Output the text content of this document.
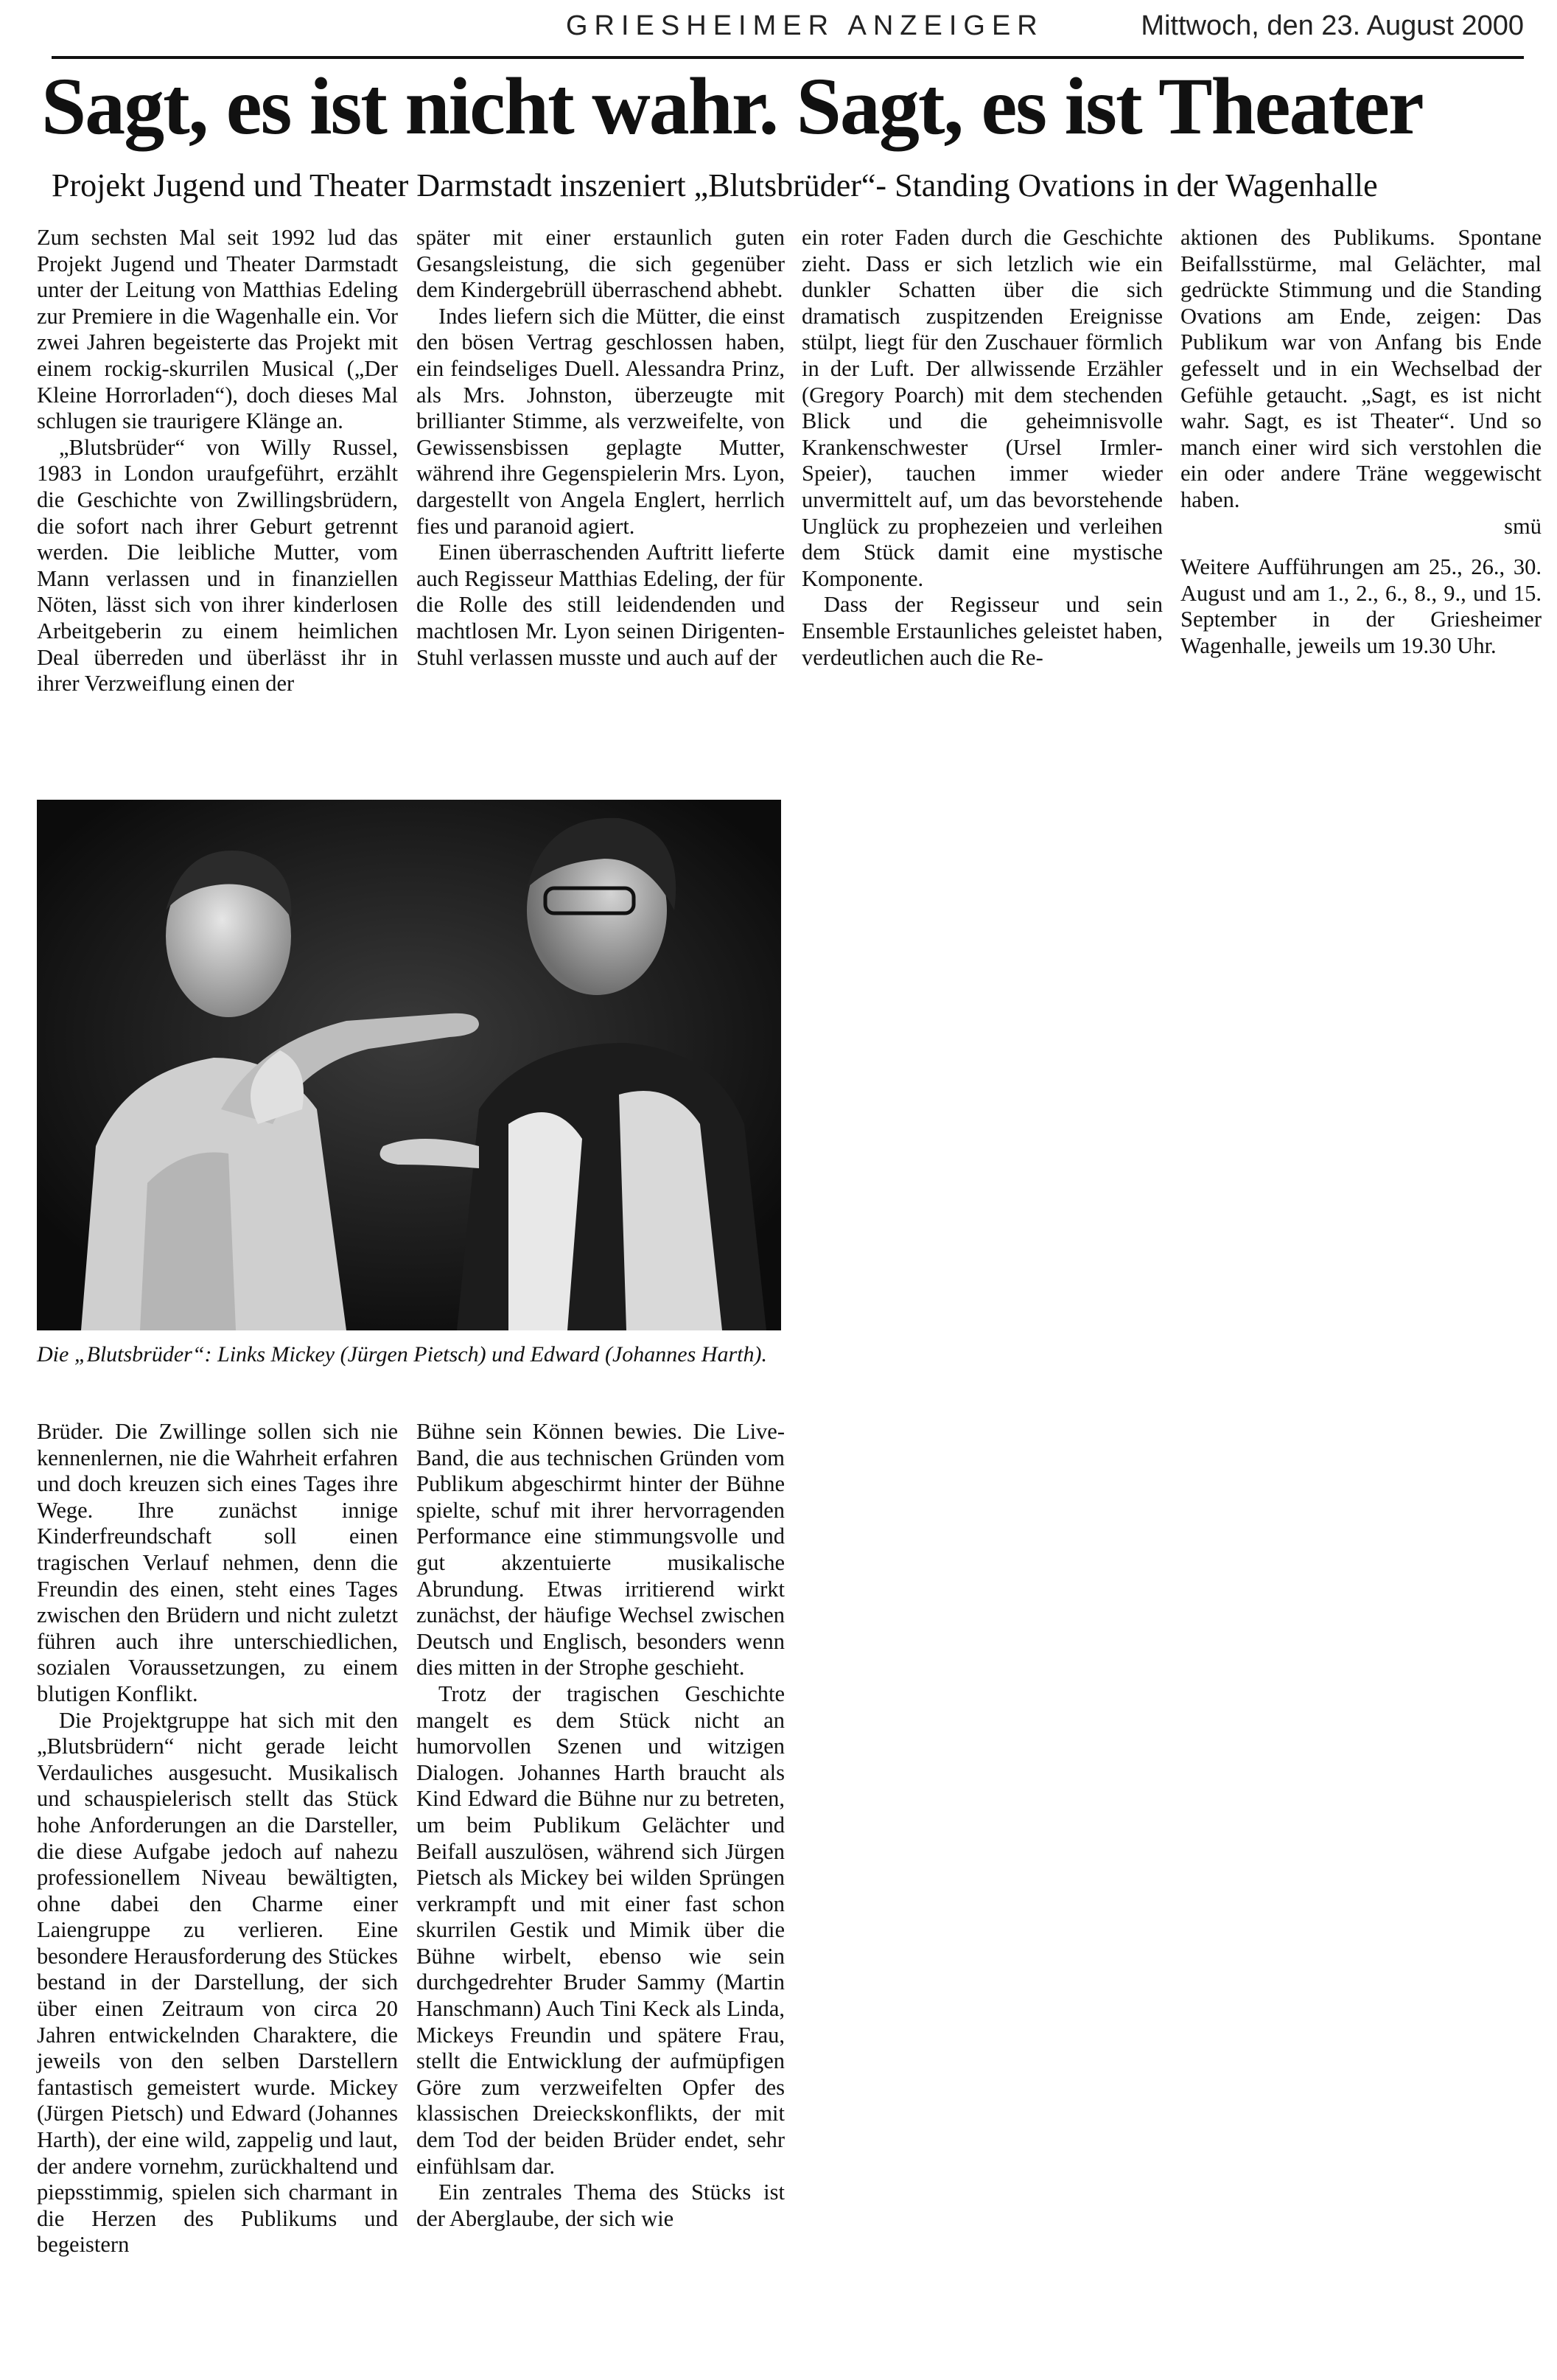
GRIESHEIMER ANZEIGER	Mittwoch, den 23. August 2000
Sagt, es ist nicht wahr. Sagt, es ist Theater
Projekt Jugend und Theater Darmstadt inszeniert „Blutsbrüder“- Standing Ovations in der Wagenhalle

Zum sechsten Mal seit 1992 lud das Projekt Jugend und Theater Darmstadt unter der Leitung von Matthias Edeling zur Premiere in die Wagenhalle ein. Vor zwei Jahren begeisterte das Projekt mit einem rockig-skurrilen Musical („Der Kleine Horrorladen“), doch dieses Mal schlugen sie traurigere Klänge an.

„Blutsbrüder“ von Willy Russel, 1983 in London uraufgeführt, erzählt die Geschichte von Zwillingsbrüdern, die sofort nach ihrer Geburt getrennt werden. Die leibliche Mutter, vom Mann verlassen und in finanziellen Nöten, lässt sich von ihrer kinderlosen Arbeitgeberin zu einem heimlichen Deal überreden und überlässt ihr in ihrer Verzweiflung einen der

später mit einer erstaunlich guten Gesangsleistung, die sich gegenüber dem Kindergebrüll überraschend abhebt.

Indes liefern sich die Mütter, die einst den bösen Vertrag geschlossen haben, ein feindseliges Duell. Alessandra Prinz, als Mrs. Johnston, überzeugte mit brillianter Stimme, als verzweifelte, von Gewissensbissen geplagte Mutter, während ihre Gegenspielerin Mrs. Lyon, dargestellt von Angela Englert, herrlich fies und paranoid agiert.

Einen überraschenden Auftritt lieferte auch Regisseur Matthias Edeling, der für die Rolle des still leidendenden und machtlosen Mr. Lyon seinen Dirigenten-Stuhl verlassen musste und auch auf der

ein roter Faden durch die Geschichte zieht. Dass er sich letzlich wie ein dunkler Schatten über die sich dramatisch zuspitzenden Ereignisse stülpt, liegt für den Zuschauer förmlich in der Luft. Der allwissende Erzähler (Gregory Poarch) mit dem stechenden Blick und die geheimnisvolle Krankenschwester (Ursel Irmler-Speier), tauchen immer wieder unvermittelt auf, um das bevorstehende Unglück zu prophezeien und verleihen dem Stück damit eine mystische Komponente.

Dass der Regisseur und sein Ensemble Erstaunliches geleistet haben, verdeutlichen auch die Re-

aktionen des Publikums. Spontane Beifallsstürme, mal Gelächter, mal gedrückte Stimmung und die Standing Ovations am Ende, zeigen: Das Publikum war von Anfang bis Ende gefesselt und in ein Wechselbad der Gefühle getaucht. „Sagt, es ist nicht wahr. Sagt, es ist Theater“. Und so manch einer wird sich verstohlen die ein oder andere Träne weggewischt haben.

smü

Weitere Aufführungen am 25., 26., 30. August und am 1., 2., 6., 8., 9., und 15. September in der Griesheimer Wagenhalle, jeweils um 19.30 Uhr.

Die „Blutsbrüder“: Links Mickey (Jürgen Pietsch) und Edward (Johannes Harth).

Brüder. Die Zwillinge sollen sich nie kennenlernen, nie die Wahrheit erfahren und doch kreuzen sich eines Tages ihre Wege. Ihre zunächst innige Kinderfreundschaft soll einen tragischen Verlauf nehmen, denn die Freundin des einen, steht eines Tages zwischen den Brüdern und nicht zuletzt führen auch ihre unterschiedlichen, sozialen Voraussetzungen, zu einem blutigen Konflikt.

Die Projektgruppe hat sich mit den „Blutsbrüdern“ nicht gerade leicht Verdauliches ausgesucht. Musikalisch und schauspielerisch stellt das Stück hohe Anforderungen an die Darsteller, die diese Aufgabe jedoch auf nahezu professionellem Niveau bewältigten, ohne dabei den Charme einer Laiengruppe zu verlieren. Eine besondere Herausforderung des Stückes bestand in der Darstellung, der sich über einen Zeitraum von circa 20 Jahren entwickelnden Charaktere, die jeweils von den selben Darstellern fantastisch gemeistert wurde. Mickey (Jürgen Pietsch) und Edward (Johannes Harth), der eine wild, zappelig und laut, der andere vornehm, zurückhaltend und piepsstimmig, spielen sich charmant in die Herzen des Publikums und begeistern

Bühne sein Können bewies. Die Live-Band, die aus technischen Gründen vom Publikum abgeschirmt hinter der Bühne spielte, schuf mit ihrer hervorragenden Performance eine stimmungsvolle und gut akzentuierte musikalische Abrundung. Etwas irritierend wirkt zunächst, der häufige Wechsel zwischen Deutsch und Englisch, besonders wenn dies mitten in der Strophe geschieht.

Trotz der tragischen Geschichte mangelt es dem Stück nicht an humorvollen Szenen und witzigen Dialogen. Johannes Harth braucht als Kind Edward die Bühne nur zu betreten, um beim Publikum Gelächter und Beifall auszulösen, während sich Jürgen Pietsch als Mickey bei wilden Sprüngen verkrampft und mit einer fast schon skurrilen Gestik und Mimik über die Bühne wirbelt, ebenso wie sein durchgedrehter Bruder Sammy (Martin Hanschmann) Auch Tini Keck als Linda, Mickeys Freundin und spätere Frau, stellt die Entwicklung der aufmüpfigen Göre zum verzweifelten Opfer des klassischen Dreieckskonflikts, der mit dem Tod der beiden Brüder endet, sehr einfühlsam dar.

Ein zentrales Thema des Stücks ist der Aberglaube, der sich wie
